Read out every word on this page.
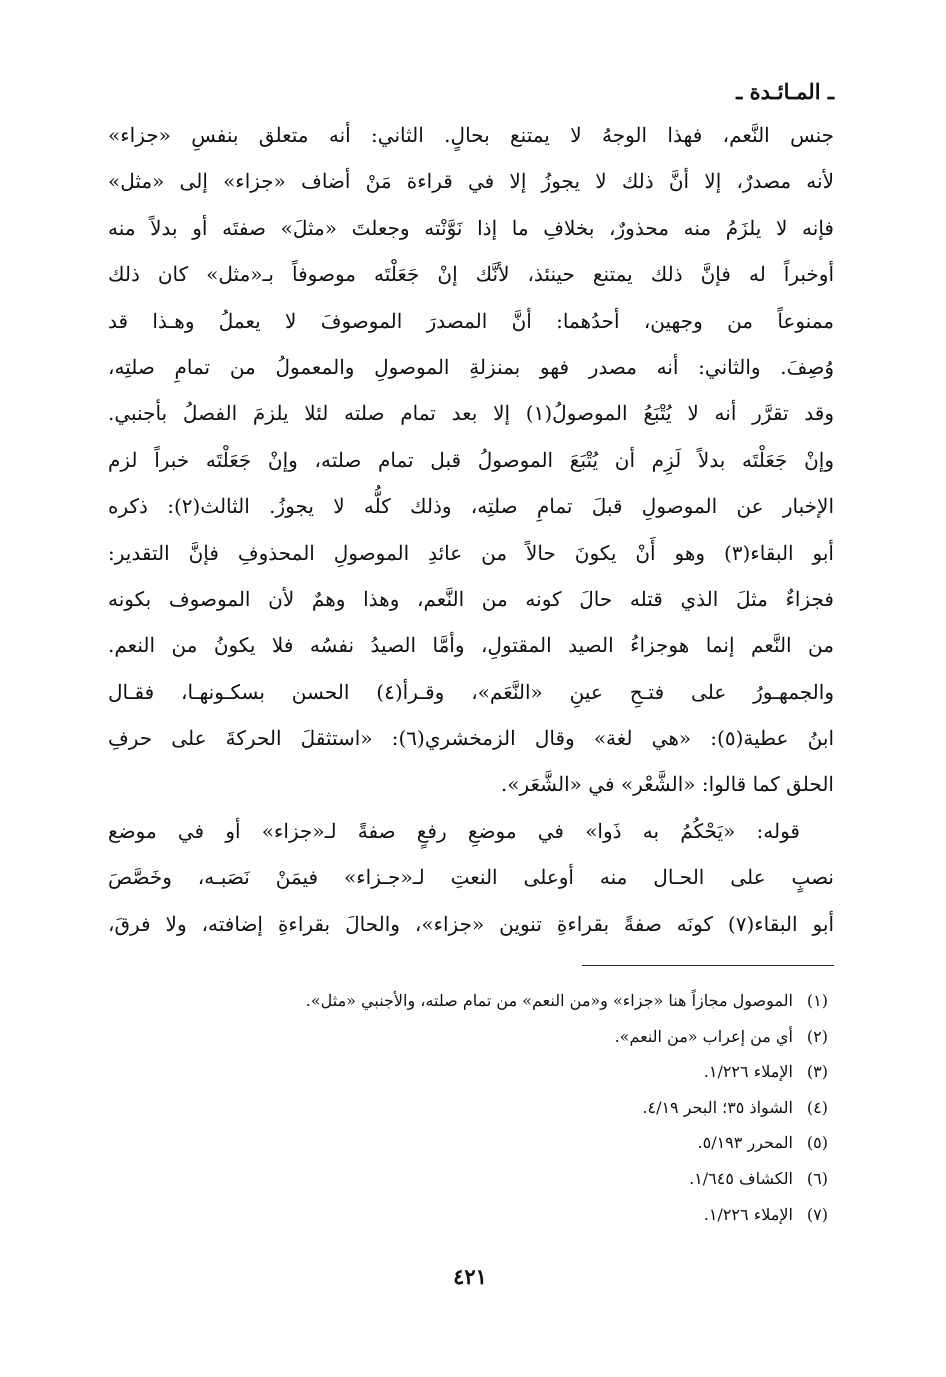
ـ المـائـدة ـ
جنس النَّعم، فهذا الوجهُ لا يمتنع بحالٍ. الثاني: أنه متعلق بنفسِ «جزاء»
لأنه مصدرٌ، إلا أنَّ ذلك لا يجوزُ إلا في قراءة مَنْ أضاف «جزاء» إلى «مثل»
فإنه لا يلزَمُ منه محذورٌ، بخلافِ ما إذا نَوَّنْته وجعلتَ «مثلَ» صفتَه أو بدلاً منه
أوخبراً له فإنَّ ذلك يمتنع حينئذ، لأنَّك إنْ جَعَلْتَه موصوفاً بـ«مثل» كان ذلك
ممنوعاً من وجهين، أحدُهما: أنَّ المصدرَ الموصوفَ لا يعملُ وهـذا قد
وُصِفَ. والثاني: أنه مصدر فهو بمنزلةِ الموصولِ والمعمولُ من تمامِ صلتِه،
وقد تقرَّر أنه لا يُتْبَعُ الموصولُ(١) إلا بعد تمام صلته لئلا يلزمَ الفصلُ بأجنبي.
وإنْ جَعَلْتَه بدلاً لَزِم أن يُتْبَعَ الموصولُ قبل تمام صلته، وإنْ جَعَلْتَه خبراً لزم
الإخبار عن الموصولِ قبلَ تمامِ صلتِه، وذلك كلُّه لا يجوزُ. الثالث(٢): ذكره
أبو البقاء(٣) وهو أَنْ يكونَ حالاً من عائدِ الموصولِ المحذوفِ فإنَّ التقدير:
فجزاءٌ مثلَ الذي قتله حالَ كونه من النَّعم، وهذا وهمٌ لأن الموصوف بكونه
من النَّعم إنما هوجزاءُ الصيد المقتولِ، وأمَّا الصيدُ نفسُه فلا يكونُ من النعم.
والجمهـورُ على فتـحِ عينِ «النَّعَم»، وقـرأ(٤) الحسن بسكـونهـا، فقـال
ابنُ عطية(٥): «هي لغة» وقال الزمخشري(٦): «استثقلَ الحركةَ على حرفِ
الحلق كما قالوا: «الشَّعْر» في «الشَّعَر».
قوله: «يَحْكُمُ به ذَوا» في موضعِ رفعٍ صفةً لـ«جزاء» أو في موضع
نصبٍ على الحـال منه أوعلى النعتِ لـ«جـزاء» فيمَنْ نَصَبـه، وخَصَّصَ
أبو البقاء(٧) كونَه صفةً بقراءةِ تنوين «جزاء»، والحالَ بقراءةِ إضافته، ولا فرقَ،
(١) الموصول مجازاً هنا «جزاء» و«من النعم» من تمام صلته، والأجنبي «مثل».
(٢) أي من إعراب «من النعم».
(٣) الإملاء ١/٢٢٦.
(٤) الشواذ ٣٥؛ البحر ٤/١٩.
(٥) المحرر ٥/١٩٣.
(٦) الكشاف ١/٦٤٥.
(٧) الإملاء ١/٢٢٦.
٤٢١
